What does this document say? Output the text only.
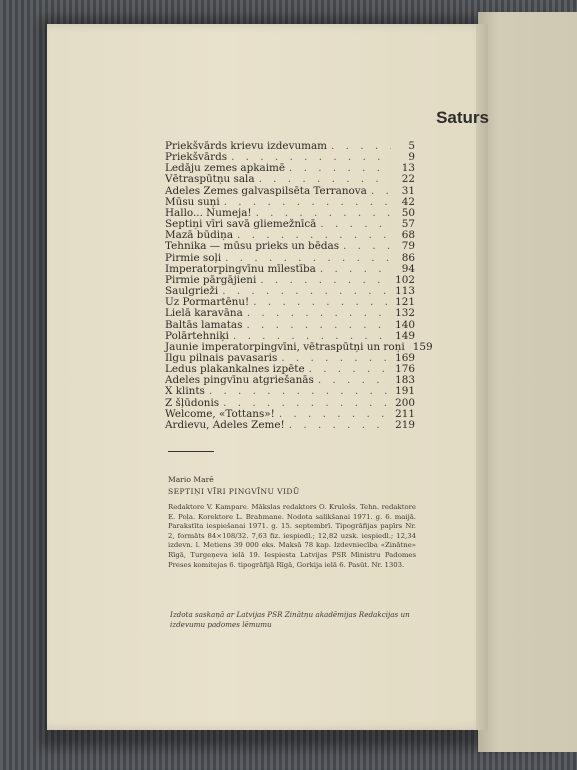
Saturs
Priekšvārds krievu izdevumam . . .	5
Priekšvārds . . .	9
Ledāju zemes apkaimē . . .	13
Vētraspūtņu sala . . .	22
Adeles Zemes galvaspilsēta Terranova . . .	31
Mūsu suņi . . .	42
Hallo... Numeja! . . .	50
Septiņi vīri savā gliemežnīcā . . .	57
Mazā būdiņa . . .	68
Tehnika — mūsu prieks un bēdas . . .	79
Pirmie soļi . . .	86
Imperatorpingvīnu mīlestība . . .	94
Pirmie pārgājieni . . .	102
Saulgrieži . . .	113
Uz Pormartēnu! . . .	121
Lielā karavāna . . .	132
Baltās lamatas . . .	140
Polārtehniķi . . .	149
Jaunie imperatorpingvīni, vētraspūtņi un roņi . . . 159
Ilgu pilnais pavasaris . . .	169
Ledus plakankalnes izpēte . . .	176
Adeles pingvīnu atgriešanās . . .	183
X klints . . .	191
Z šļūdonis . . .	200
Welcome, «Tottans»! . . .	211
Ardievu, Adeles Zeme! . . .	219
Mario Marē
SEPTIŅI VĪRI PINGVĪNU VIDŪ

Redaktore V. Kampare. Mākslas redaktors O. Krulošs. Tehn. redaktore E. Poļa. Korektore L. Brahmane. Nodota salikšanai 1971. g. 6. maijā. Parakstīta iespiešanai 1971. g. 15. septembrī. Tipogrāfijas papīrs Nr. 2, formāts 84×108/32. 7,63 fiz. iespiedl.; 12,82 uzsk. iespiedl.; 12,34 izdevn. l. Metiens 39 000 eks. Maksā 78 kap. Izdevniecība «Zinātne» Rīgā, Turgeņeva ielā 19. Iespiesta Latvijas PSR Ministru Padomes Preses komitejas 6. tipogrāfijā Rīgā, Gorkija ielā 6. Pasūt. Nr. 1303.

Izdota saskaņā ar Latvijas PSR Zinātņu akadēmijas Redakcijas un izdevumu padomes lēmumu
